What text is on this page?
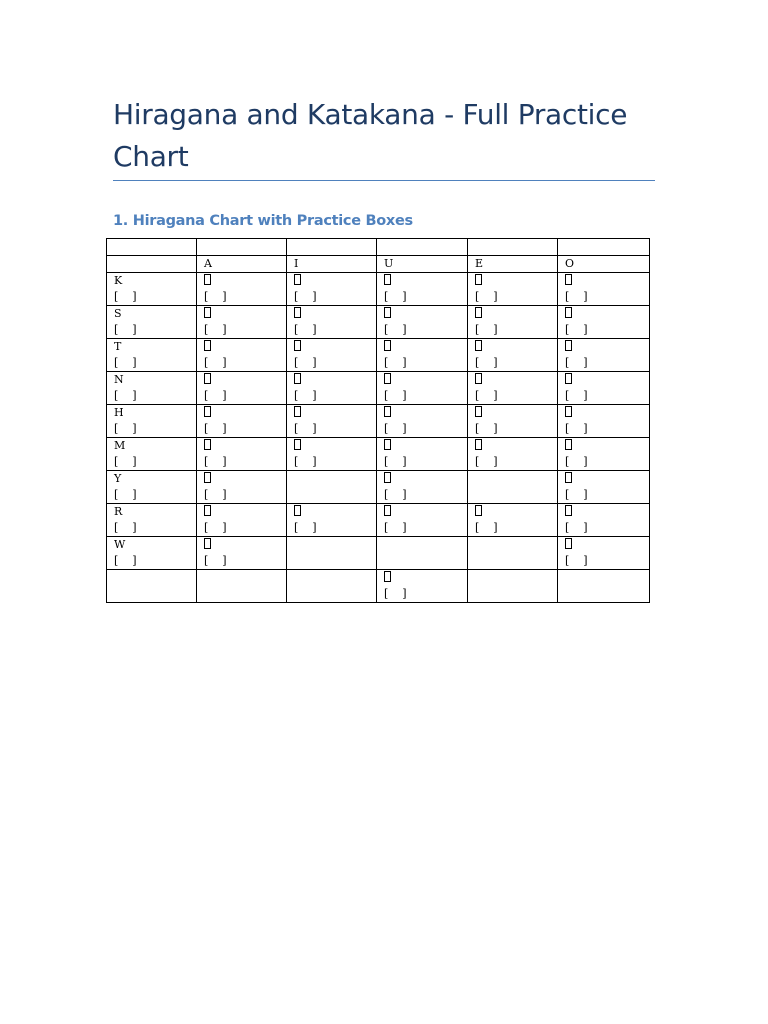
Hiragana and Katakana - Full Practice Chart
1. Hiragana Chart with Practice Boxes

	A	I	U	E	O

K
[    ]	[    ]	[    ]	[    ]	[    ]	[    ]

S
[    ]	[    ]	[    ]	[    ]	[    ]	[    ]

T
[    ]	[    ]	[    ]	[    ]	[    ]	[    ]

N
[    ]	[    ]	[    ]	[    ]	[    ]	[    ]

H
[    ]	[    ]	[    ]	[    ]	[    ]	[    ]

M
[    ]	[    ]	[    ]	[    ]	[    ]	[    ]

Y
[    ]	[    ]		[    ]		[    ]

R
[    ]	[    ]	[    ]	[    ]	[    ]	[    ]

W
[    ]	[    ]				[    ]

			[    ]		
